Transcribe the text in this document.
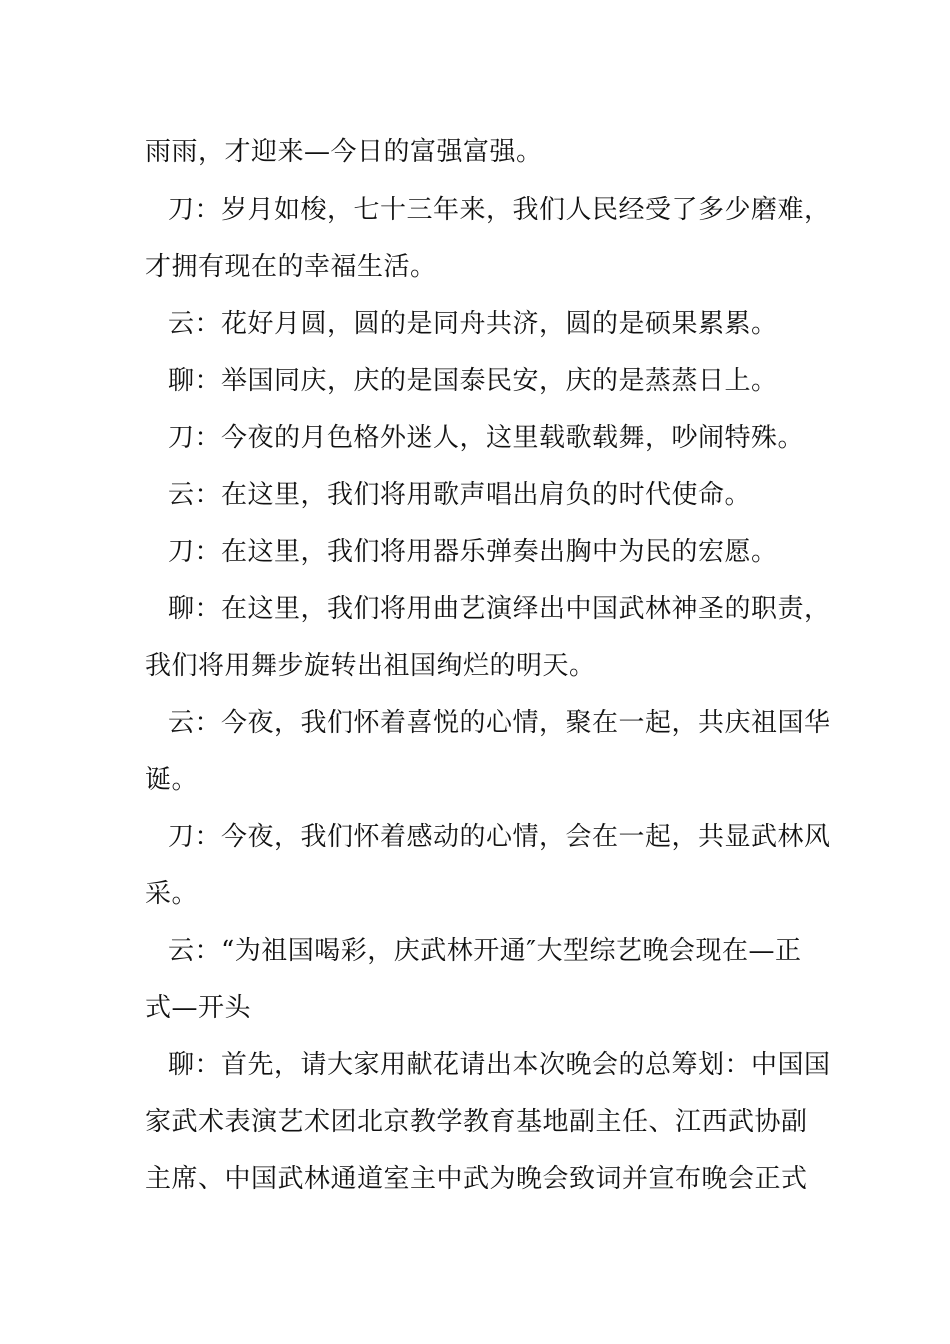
雨雨，才迎来—今日的富强富强。
刀：岁月如梭，七十三年来，我们人民经受了多少磨难，
才拥有现在的幸福生活。
云：花好月圆，圆的是同舟共济，圆的是硕果累累。
聊：举国同庆，庆的是国泰民安，庆的是蒸蒸日上。
刀：今夜的月色格外迷人，这里载歌载舞，吵闹特殊。
云：在这里，我们将用歌声唱出肩负的时代使命。
刀：在这里，我们将用器乐弹奏出胸中为民的宏愿。
聊：在这里，我们将用曲艺演绎出中国武林神圣的职责，
我们将用舞步旋转出祖国绚烂的明天。
云：今夜，我们怀着喜悦的心情，聚在一起，共庆祖国华
诞。
刀：今夜，我们怀着感动的心情，会在一起，共显武林风
采。
云：“为祖国喝彩，庆武林开通″大型综艺晚会现在—正
式—开头
聊：首先，请大家用献花请出本次晚会的总筹划：中国国
家武术表演艺术团北京教学教育基地副主任、江西武协副
主席、中国武林通道室主中武为晚会致词并宣布晚会正式
